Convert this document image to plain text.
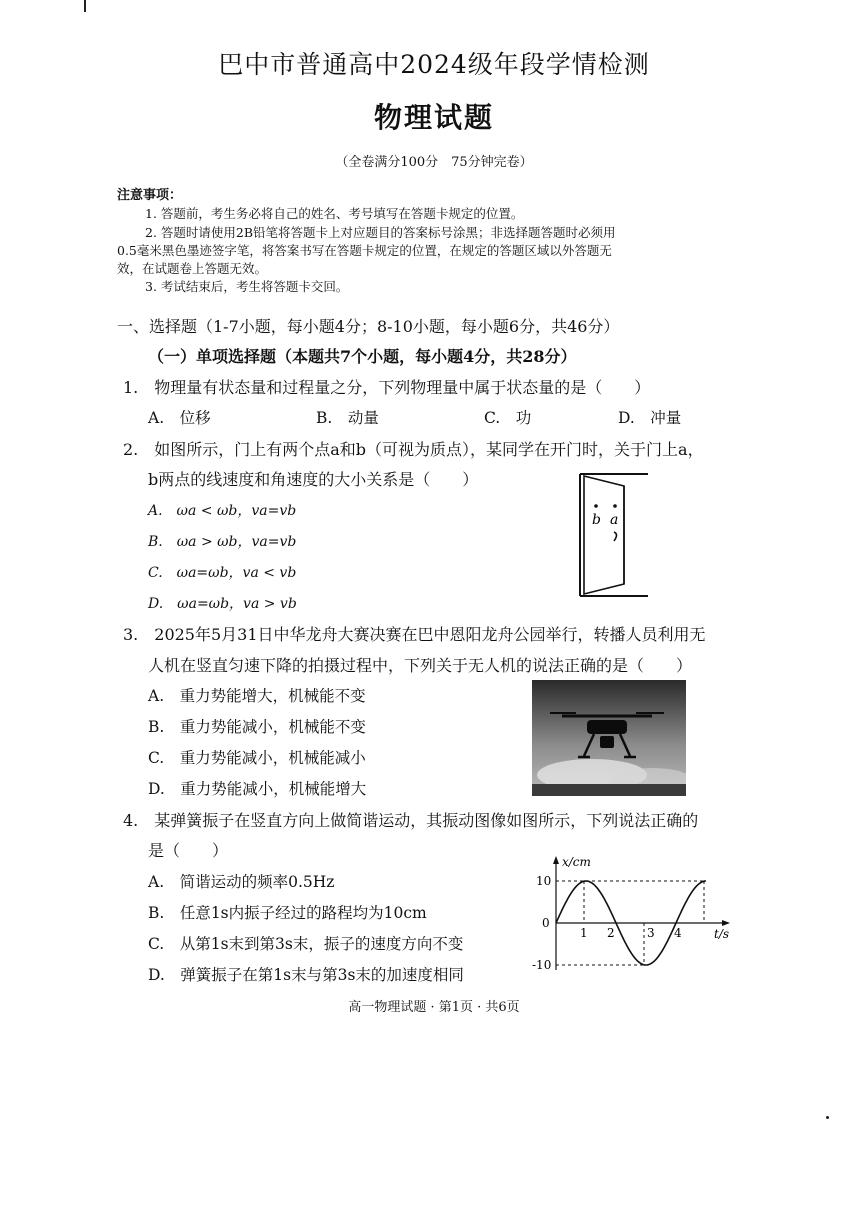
巴中市普通高中2024级年段学情检测
物理试题
（全卷满分100分　75分钟完卷）
注意事项：
1. 答题前，考生务必将自己的姓名、考号填写在答题卡规定的位置。
2. 答题时请使用2B铅笔将答题卡上对应题目的答案标号涂黑；非选择题答题时必须用
0.5毫米黑色墨迹签字笔，将答案书写在答题卡规定的位置，在规定的答题区域以外答题无
效，在试题卷上答题无效。
3. 考试结束后，考生将答题卡交回。
一、选择题（1-7小题，每小题4分；8-10小题，每小题6分，共46分）
（一）单项选择题（本题共7个小题，每小题4分，共28分）
1.　物理量有状态量和过程量之分，下列物理量中属于状态量的是（　　）
A.　位移	B.　动量	C.　功	D.　冲量
2.　如图所示，门上有两个点a和b（可视为质点），某同学在开门时，关于门上a，
b两点的线速度和角速度的大小关系是（　　）
A.　ωa < ωb，va=vb
B.　ωa > ωb，va=vb
C.　ωa=ωb，va < vb
D.　ωa=ωb，va > vb
b a
3.　2025年5月31日中华龙舟大赛决赛在巴中恩阳龙舟公园举行，转播人员利用无
人机在竖直匀速下降的拍摄过程中，下列关于无人机的说法正确的是（　　）
A.　重力势能增大，机械能不变
B.　重力势能减小，机械能不变
C.　重力势能减小，机械能减小
D.　重力势能减小，机械能增大
4.　某弹簧振子在竖直方向上做简谐运动，其振动图像如图所示，下列说法正确的
是（　　）
A.　简谐运动的频率0.5Hz
B.　任意1s内振子经过的路程均为10cm
C.　从第1s末到第3s末，振子的速度方向不变
D.　弹簧振子在第1s末与第3s末的加速度相同
x/cm
t/s
10
0
-10
1 2	3 4
高一物理试题 · 第1页 · 共6页
